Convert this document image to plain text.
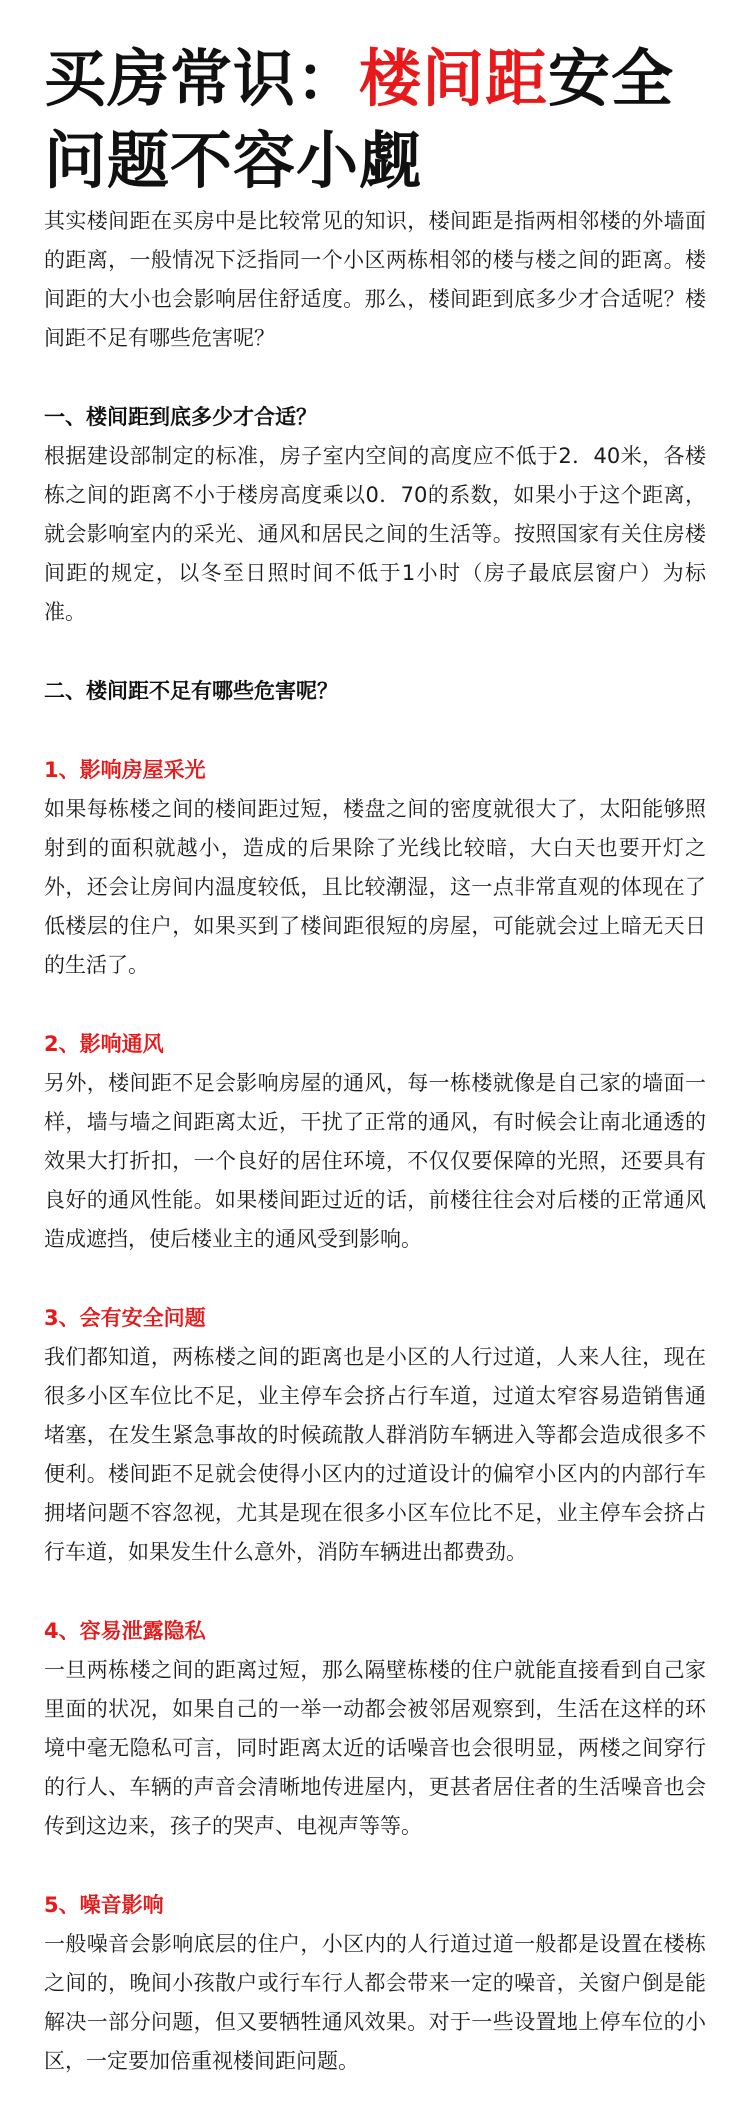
买房常识：楼间距安全问题不容小觑

其实楼间距在买房中是比较常见的知识，楼间距是指两相邻楼的外墙面的距离，一般情况下泛指同一个小区两栋相邻的楼与楼之间的距离。楼间距的大小也会影响居住舒适度。那么，楼间距到底多少才合适呢？楼间距不足有哪些危害呢？

一、楼间距到底多少才合适？

根据建设部制定的标准，房子室内空间的高度应不低于2．40米，各楼栋之间的距离不小于楼房高度乘以0．70的系数，如果小于这个距离，就会影响室内的采光、通风和居民之间的生活等。按照国家有关住房楼间距的规定，以冬至日照时间不低于1小时（房子最底层窗户）为标准。

二、楼间距不足有哪些危害呢？
1、影响房屋采光

如果每栋楼之间的楼间距过短，楼盘之间的密度就很大了，太阳能够照射到的面积就越小，造成的后果除了光线比较暗，大白天也要开灯之外，还会让房间内温度较低，且比较潮湿，这一点非常直观的体现在了低楼层的住户，如果买到了楼间距很短的房屋，可能就会过上暗无天日的生活了。

2、影响通风

另外，楼间距不足会影响房屋的通风，每一栋楼就像是自己家的墙面一样，墙与墙之间距离太近，干扰了正常的通风，有时候会让南北通透的效果大打折扣，一个良好的居住环境，不仅仅要保障的光照，还要具有良好的通风性能。如果楼间距过近的话，前楼往往会对后楼的正常通风造成遮挡，使后楼业主的通风受到影响。

3、会有安全问题

我们都知道，两栋楼之间的距离也是小区的人行过道，人来人往，现在很多小区车位比不足，业主停车会挤占行车道，过道太窄容易造销售通堵塞，在发生紧急事故的时候疏散人群消防车辆进入等都会造成很多不便利。楼间距不足就会使得小区内的过道设计的偏窄小区内的内部行车拥堵问题不容忽视，尤其是现在很多小区车位比不足，业主停车会挤占行车道，如果发生什么意外，消防车辆进出都费劲。

4、容易泄露隐私

一旦两栋楼之间的距离过短，那么隔壁栋楼的住户就能直接看到自己家里面的状况，如果自己的一举一动都会被邻居观察到，生活在这样的环境中毫无隐私可言，同时距离太近的话噪音也会很明显，两楼之间穿行的行人、车辆的声音会清晰地传进屋内，更甚者居住者的生活噪音也会传到这边来，孩子的哭声、电视声等等。

5、噪音影响

一般噪音会影响底层的住户，小区内的人行道过道一般都是设置在楼栋之间的，晚间小孩散户或行车行人都会带来一定的噪音，关窗户倒是能解决一部分问题，但又要牺牲通风效果。对于一些设置地上停车位的小区，一定要加倍重视楼间距问题。
